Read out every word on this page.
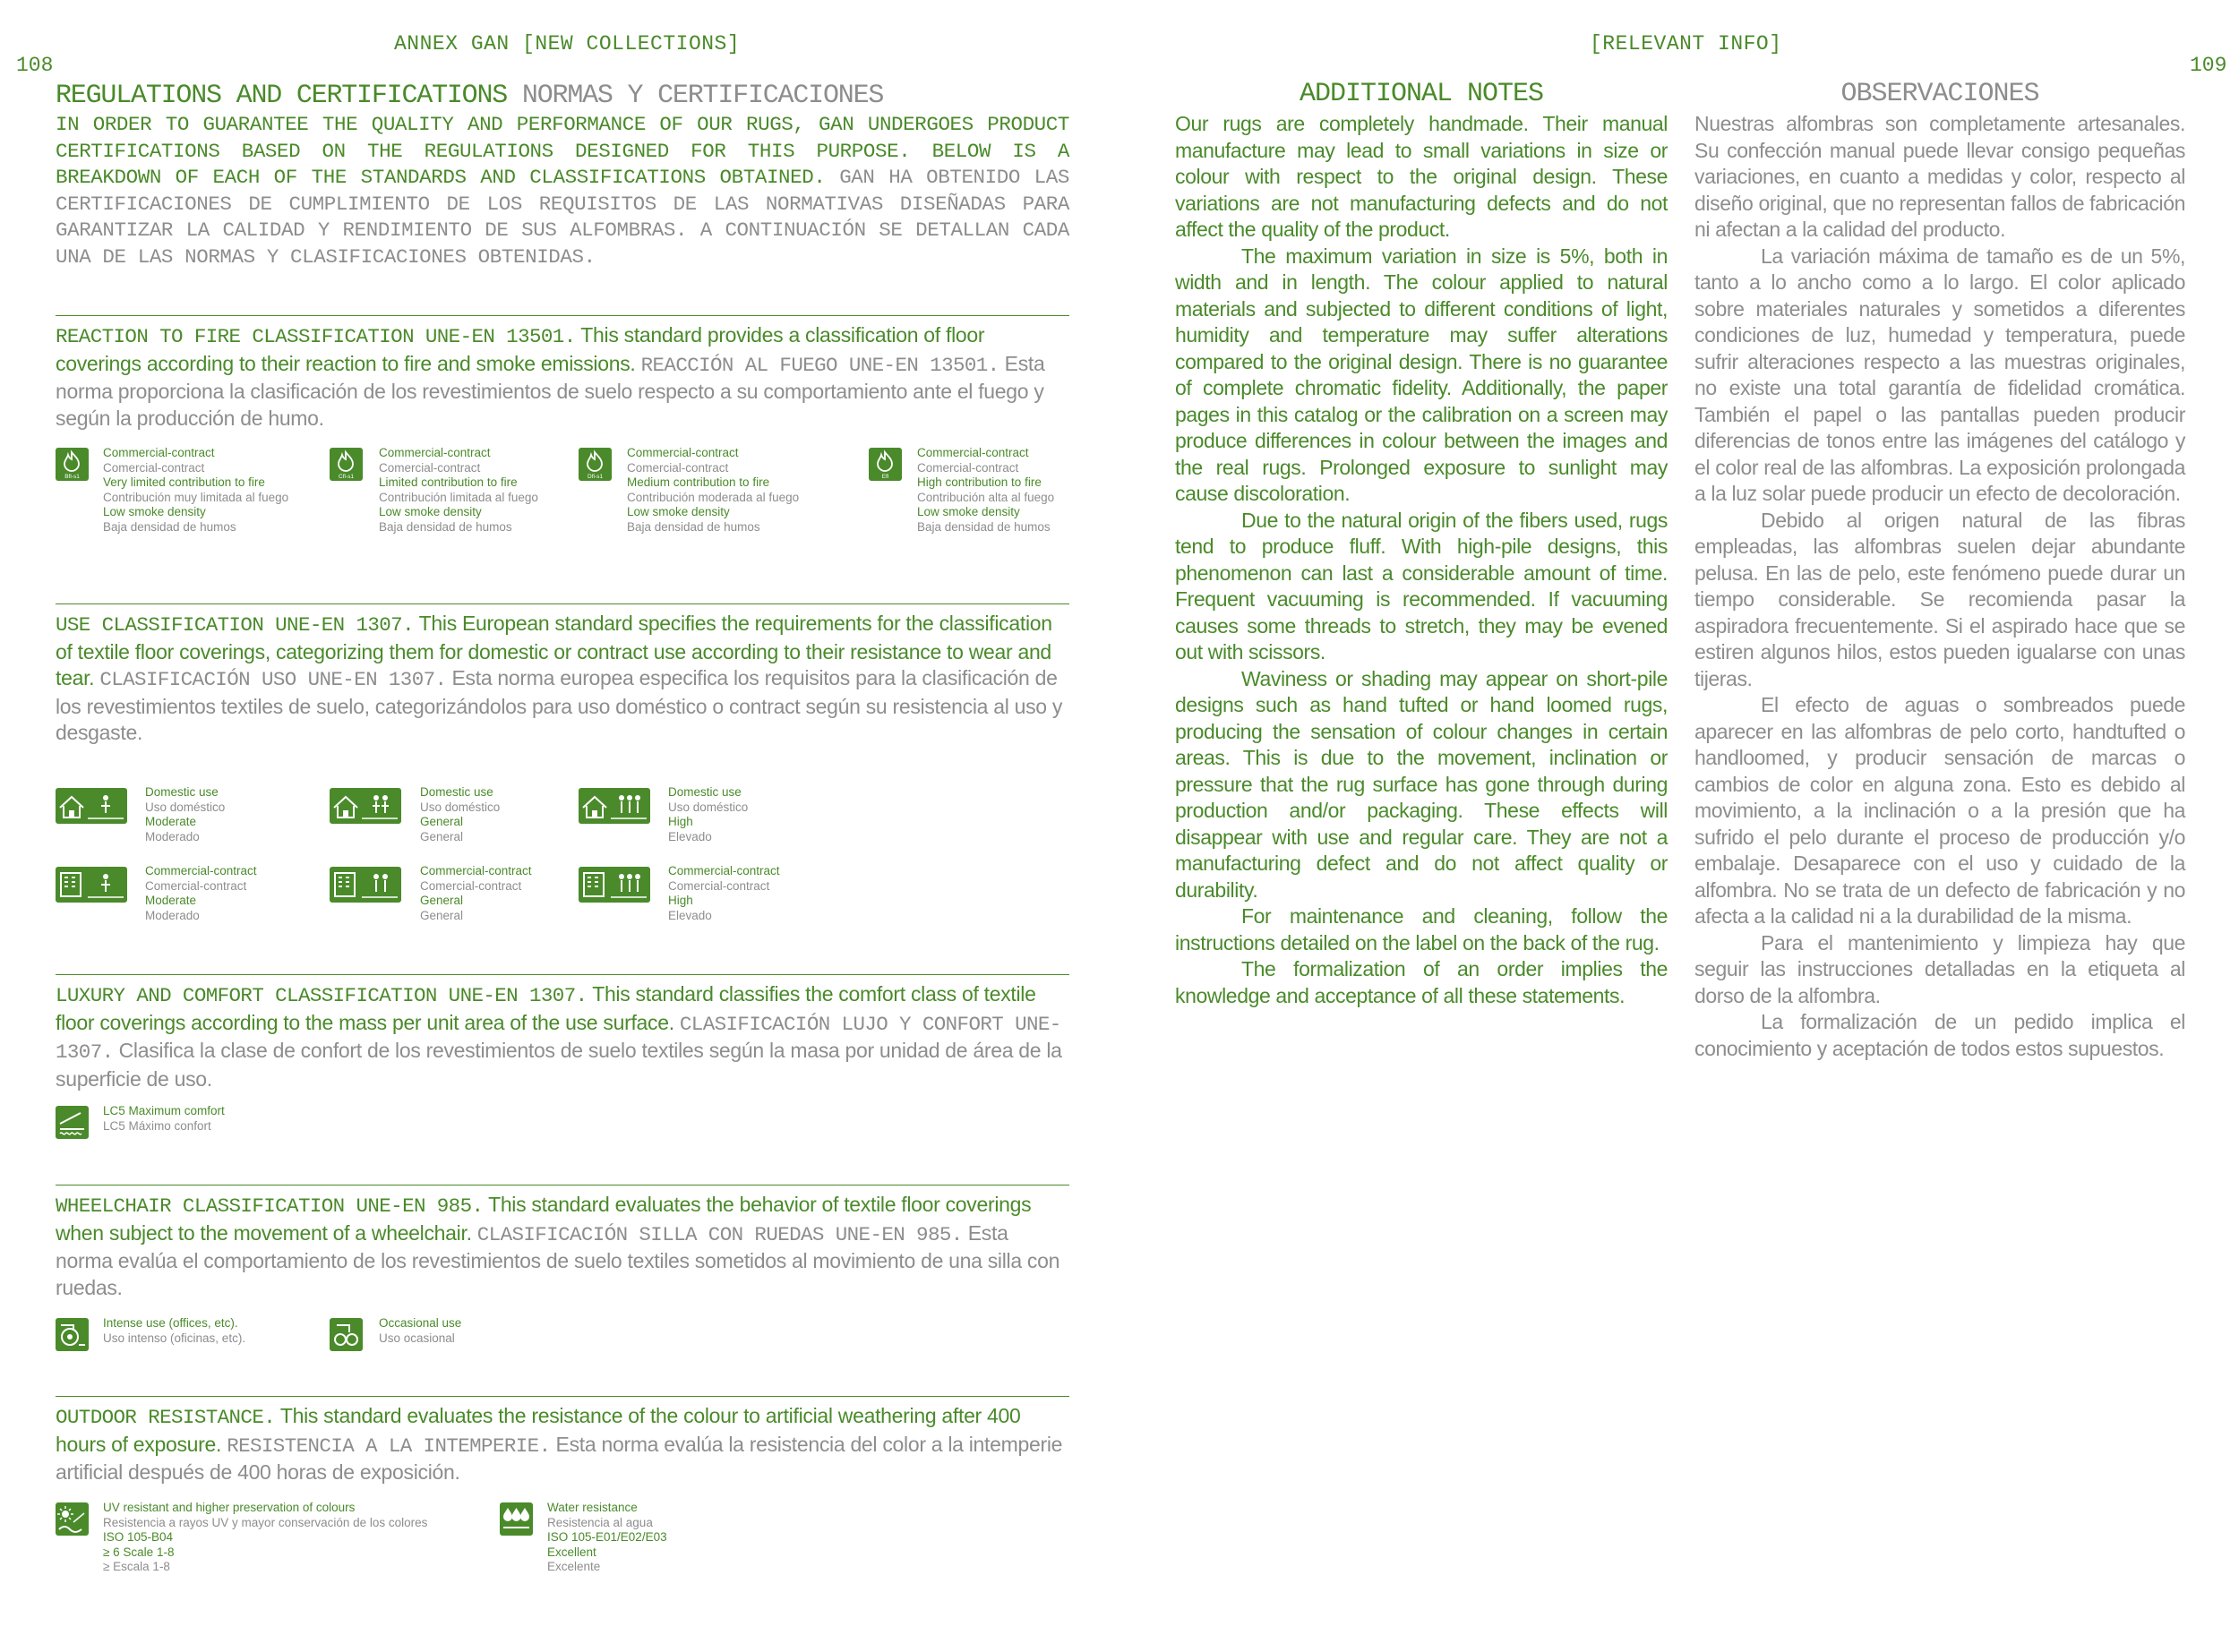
ANNEX GAN [NEW COLLECTIONS]	[RELEVANT INFO]
108	109
REGULATIONS AND CERTIFICATIONS NORMAS Y CERTIFICACIONES
IN ORDER TO GUARANTEE THE QUALITY AND PERFORMANCE OF OUR RUGS, GAN UNDERGOES PRODUCT CERTIFICATIONS BASED ON THE REGULATIONS DESIGNED FOR THIS PURPOSE. BELOW IS A BREAKDOWN OF EACH OF THE STANDARDS AND CLASSIFICATIONS OBTAINED. GAN HA OBTENIDO LAS CERTIFICACIONES DE CUMPLIMIENTO DE LOS REQUISITOS DE LAS NORMATIVAS DISEÑADAS PARA GARANTIZAR LA CALIDAD Y RENDIMIENTO DE SUS ALFOMBRAS. A CONTINUACIÓN SE DETALLAN CADA UNA DE LAS NORMAS Y CLASIFICACIONES OBTENIDAS.
REACTION TO FIRE CLASSIFICATION UNE-EN 13501. This standard provides a classification of floor coverings according to their reaction to fire and smoke emissions. REACCIÓN AL FUEGO UNE-EN 13501. Esta norma proporciona la clasificación de los revestimientos de suelo respecto a su comportamiento ante el fuego y según la producción de humo.
Bfl-s1
Commercial-contract
Comercial-contract
Very limited contribution to fire
Contribución muy limitada al fuego
Low smoke density
Baja densidad de humos
Cfl-s1
Commercial-contract
Comercial-contract
Limited contribution to fire
Contribución limitada al fuego
Low smoke density
Baja densidad de humos
Dfl-s1
Commercial-contract
Comercial-contract
Medium contribution to fire
Contribución moderada al fuego
Low smoke density
Baja densidad de humos
Efl
Commercial-contract
Comercial-contract
High contribution to fire
Contribución alta al fuego
Low smoke density
Baja densidad de humos
USE CLASSIFICATION UNE-EN 1307. This European standard specifies the requirements for the classification of textile floor coverings, categorizing them for domestic or contract use according to their resistance to wear and tear. CLASIFICACIÓN USO UNE-EN 1307. Esta norma europea especifica los requisitos para la clasificación de los revestimientos textiles de suelo, categorizándolos para uso doméstico o contract según su resistencia al uso y desgaste.
Domestic use
Uso doméstico
Moderate
Moderado
Domestic use
Uso doméstico
General
General
Domestic use
Uso doméstico
High
Elevado
Commercial-contract
Comercial-contract
Moderate
Moderado
Commercial-contract
Comercial-contract
General
General
Commercial-contract
Comercial-contract
High
Elevado
LUXURY AND COMFORT CLASSIFICATION UNE-EN 1307. This standard classifies the comfort class of textile floor coverings according to the mass per unit area of the use surface. CLASIFICACIÓN LUJO Y CONFORT UNE-1307. Clasifica la clase de confort de los revestimientos de suelo textiles según la masa por unidad de área de la superficie de uso.
LC5 Maximum comfort
LC5 Máximo confort
WHEELCHAIR CLASSIFICATION UNE-EN 985. This standard evaluates the behavior of textile floor coverings when subject to the movement of a wheelchair. CLASIFICACIÓN SILLA CON RUEDAS UNE-EN 985. Esta norma evalúa el comportamiento de los revestimientos de suelo textiles sometidos al movimiento de una silla con ruedas.
Intense use (offices, etc).
Uso intenso (oficinas, etc).
Occasional use
Uso ocasional
OUTDOOR RESISTANCE. This standard evaluates the resistance of the colour to artificial weathering after 400 hours of exposure. RESISTENCIA A LA INTEMPERIE. Esta norma evalúa la resistencia del color a la intemperie artificial después de 400 horas de exposición.
UV resistant and higher preservation of colours
Resistencia a rayos UV y mayor conservación de los colores
ISO 105-B04
≥ 6 Scale 1-8
≥ Escala 1-8
Water resistance
Resistencia al agua
ISO 105-E01/E02/E03
Excellent
Excelente
ADDITIONAL NOTES	OBSERVACIONES

Our rugs are completely handmade. Their manual manufacture may lead to small variations in size or colour with respect to the original design. These variations are not manufacturing defects and do not affect the quality of the product.

The maximum variation in size is 5%, both in width and in length. The colour applied to natural materials and subjected to different conditions of light, humidity and temperature may suffer alterations compared to the original design. There is no guarantee of complete chromatic fidelity. Additionally, the paper pages in this catalog or the calibration on a screen may produce differences in colour between the images and the real rugs. Prolonged exposure to sunlight may cause discoloration.

Due to the natural origin of the fibers used, rugs tend to produce fluff. With high-pile designs, this phenomenon can last a considerable amount of time. Frequent vacuuming is recommended. If vacuuming causes some threads to stretch, they may be evened out with scissors.

Waviness or shading may appear on short-pile designs such as hand tufted or hand loomed rugs, producing the sensation of colour changes in certain areas. This is due to the movement, inclination or pressure that the rug surface has gone through during production and/or packaging. These effects will disappear with use and regular care. They are not a manufacturing defect and do not affect quality or durability.

For maintenance and cleaning, follow the instructions detailed on the label on the back of the rug.

The formalization of an order implies the knowledge and acceptance of all these statements.

Nuestras alfombras son completamente artesanales. Su confección manual puede llevar consigo pequeñas variaciones, en cuanto a medidas y color, respecto al diseño original, que no representan fallos de fabricación ni afectan a la calidad del producto.

La variación máxima de tamaño es de un 5%, tanto a lo ancho como a lo largo. El color aplicado sobre materiales naturales y sometidos a diferentes condiciones de luz, humedad y temperatura, puede sufrir alteraciones respecto a las muestras originales, no existe una total garantía de fidelidad cromática. También el papel o las pantallas pueden producir diferencias de tonos entre las imágenes del catálogo y el color real de las alfombras. La exposición prolongada a la luz solar puede producir un efecto de decoloración.

Debido al origen natural de las fibras empleadas, las alfombras suelen dejar abundante pelusa. En las de pelo, este fenómeno puede durar un tiempo considerable. Se recomienda pasar la aspiradora frecuentemente. Si el aspirado hace que se estiren algunos hilos, estos pueden igualarse con unas tijeras.

El efecto de aguas o sombreados puede aparecer en las alfombras de pelo corto, handtufted o handloomed, y producir sensación de marcas o cambios de color en alguna zona. Esto es debido al movimiento, a la inclinación o a la presión que ha sufrido el pelo durante el proceso de producción y/o embalaje. Desaparece con el uso y cuidado de la alfombra. No se trata de un defecto de fabricación y no afecta a la calidad ni a la durabilidad de la misma.

Para el mantenimiento y limpieza hay que seguir las instrucciones detalladas en la etiqueta al dorso de la alfombra.

La formalización de un pedido implica el conocimiento y aceptación de todos estos supuestos.
